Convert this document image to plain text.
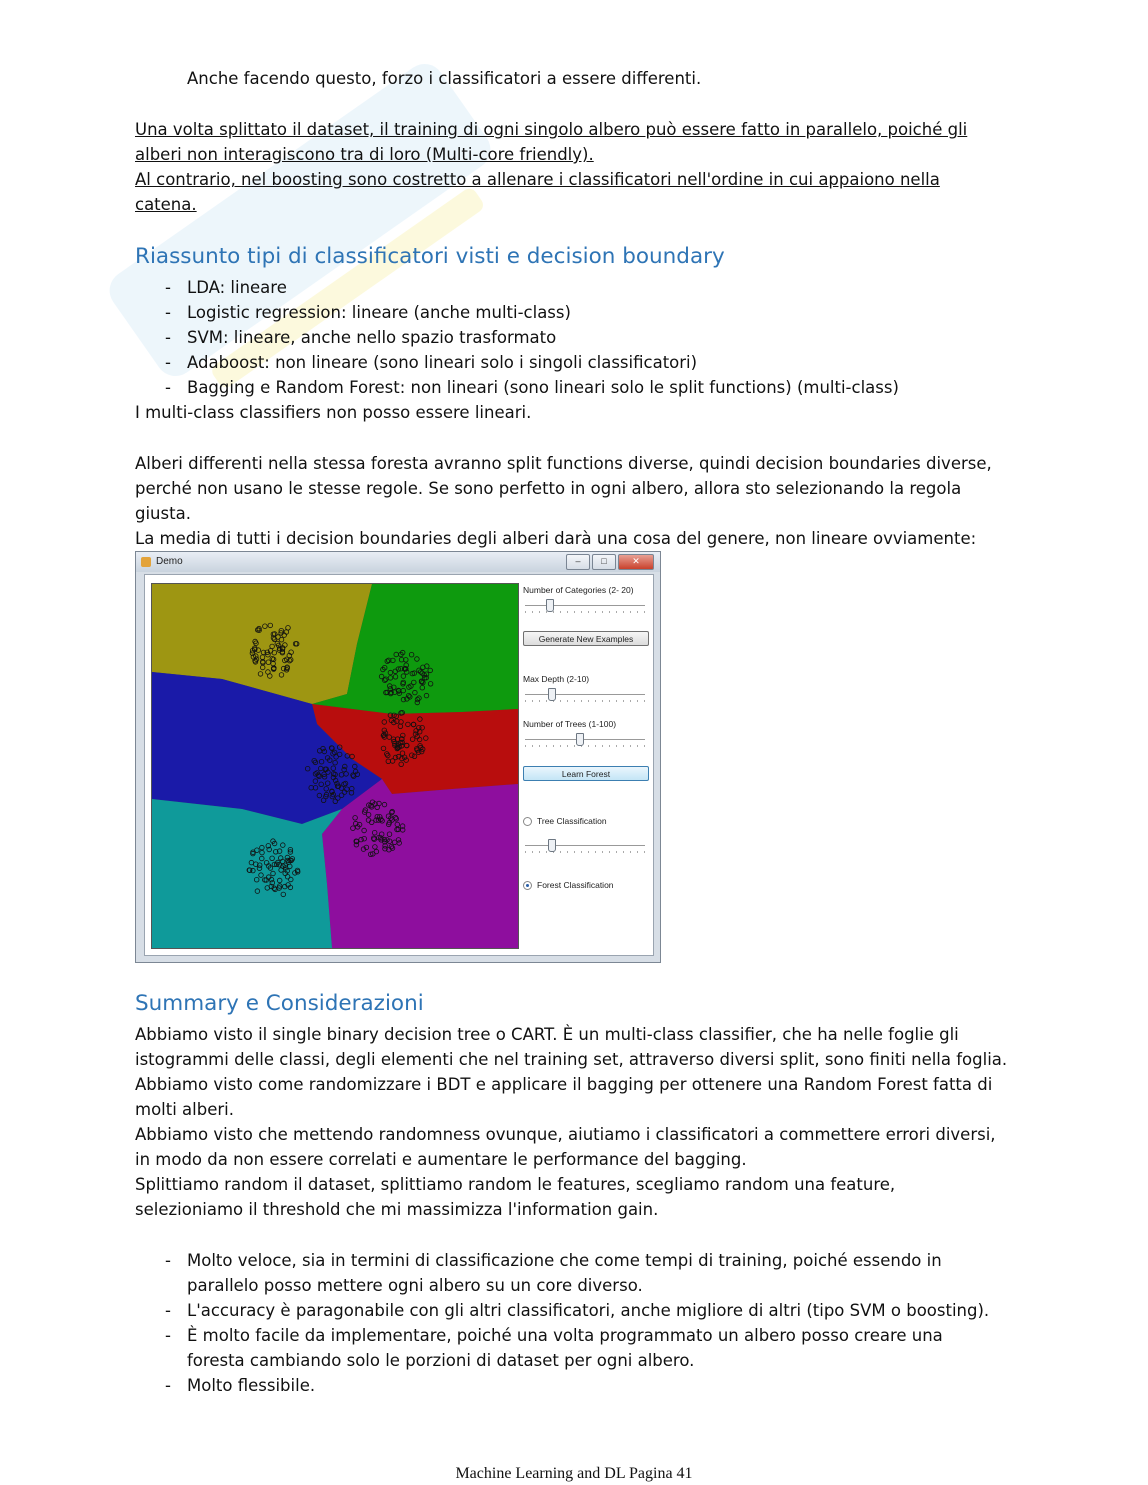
Anche facendo questo, forzo i classificatori a essere differenti.

Una volta splittato il dataset, il training di ogni singolo albero può essere fatto in parallelo, poiché gli

alberi non interagiscono tra di loro (Multi-core friendly).

Al contrario, nel boosting sono costretto a allenare i classificatori nell'ordine in cui appaiono nella

catena.

Riassunto tipi di classificatori visti e decision boundary
- LDA: lineare
- Logistic regression: lineare (anche multi-class)
- SVM: lineare, anche nello spazio trasformato
- Adaboost: non lineare (sono lineari solo i singoli classificatori)
- Bagging e Random Forest: non lineari (sono lineari solo le split functions) (multi-class)

I multi-class classifiers non posso essere lineari.

Alberi differenti nella stessa foresta avranno split functions diverse, quindi decision boundaries diverse,

perché non usano le stesse regole. Se sono perfetto in ogni albero, allora sto selezionando la regola

giusta.

La media di tutti i decision boundaries degli alberi darà una cosa del genere, non lineare ovviamente:

Demo	–	□	✕
Number of Categories (2- 20)
Generate New Examples
Max Depth (2-10)
Number of Trees (1-100)
Learn Forest
Tree Classification
Forest Classification
Summary e Considerazioni

Abbiamo visto il single binary decision tree o CART. È un multi-class classifier, che ha nelle foglie gli

istogrammi delle classi, degli elementi che nel training set, attraverso diversi split, sono finiti nella foglia.

Abbiamo visto come randomizzare i BDT e applicare il bagging per ottenere una Random Forest fatta di

molti alberi.

Abbiamo visto che mettendo randomness ovunque, aiutiamo i classificatori a commettere errori diversi,

in modo da non essere correlati e aumentare le performance del bagging.

Splittiamo random il dataset, splittiamo random le features, scegliamo random una feature,

selezioniamo il threshold che mi massimizza l'information gain.

- Molto veloce, sia in termini di classificazione che come tempi di training, poiché essendo in
parallelo posso mettere ogni albero su un core diverso.
- L'accuracy è paragonabile con gli altri classificatori, anche migliore di altri (tipo SVM o boosting).
- È molto facile da implementare, poiché una volta programmato un albero posso creare una
foresta cambiando solo le porzioni di dataset per ogni albero.
- Molto flessibile.
Machine Learning and DL Pagina 41
